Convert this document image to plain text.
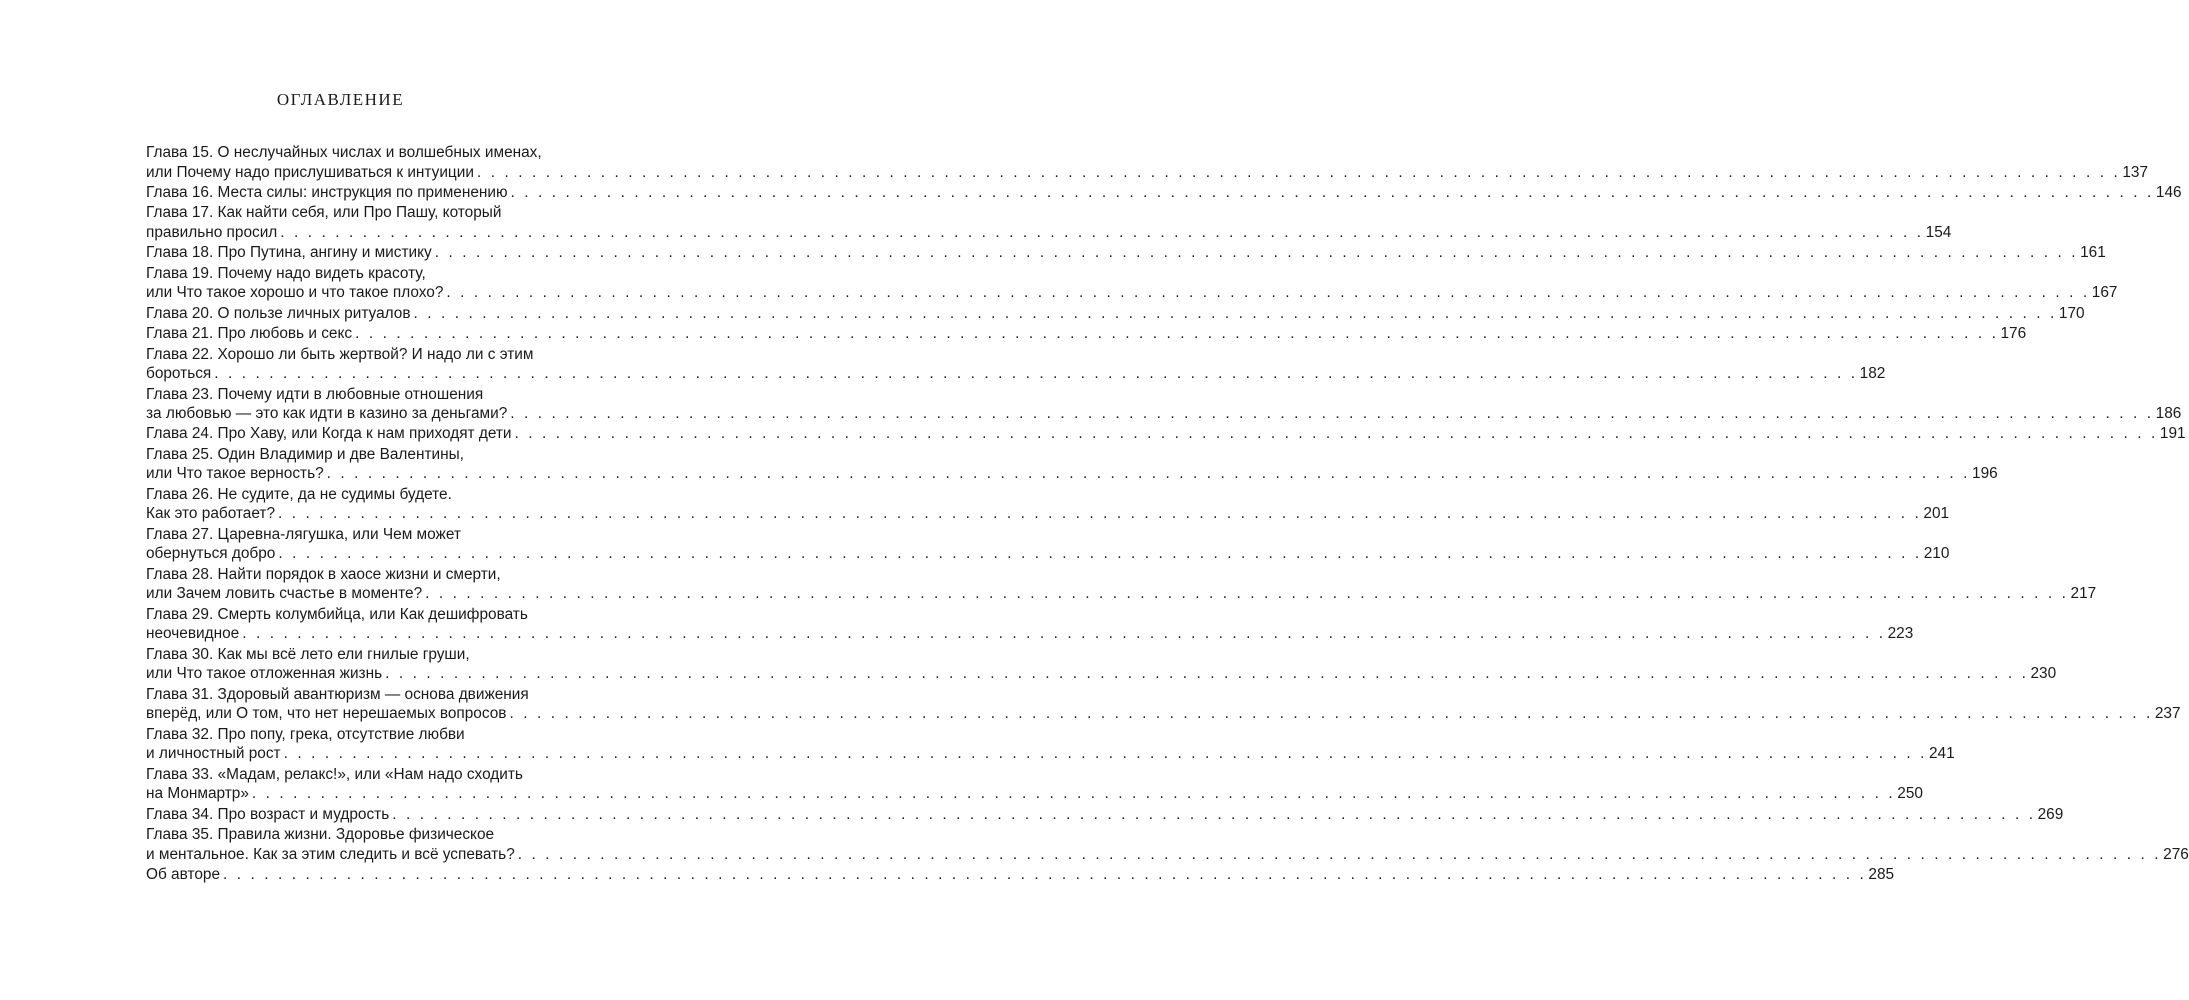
ОГЛАВЛЕНИЕ
Глава 15. О неслучайных числах и волшебных именах,
или Почему надо прислушиваться к интуиции . . . . . . . . . . . . . . . . . . . . . . . . . . . . . . . . . . . . . . . . . . . . . . . . . . . . . . . . . . . . . . . . . . . . . . . . . . . . . . . . . . . . . . . . . . . . . . . . . . . . . . . . . . . . . . . . . . . . . . . . 137
Глава 16. Места силы: инструкция по применению . . . . . . . . . . . . . . . . . . . . . . . . . . . . . . . . . . . . . . . . . . . . . . . . . . . . . . . . . . . . . . . . . . . . . . . . . . . . . . . . . . . . . . . . . . . . . . . . . . . . . . . . . . . . . . . . . . . . . . . . 146
Глава 17. Как найти себя, или Про Пашу, который
правильно просил . . . . . . . . . . . . . . . . . . . . . . . . . . . . . . . . . . . . . . . . . . . . . . . . . . . . . . . . . . . . . . . . . . . . . . . . . . . . . . . . . . . . . . . . . . . . . . . . . . . . . . . . . . . . . . . . . . . . . . . . 154
Глава 18. Про Путина, ангину и мистику . . . . . . . . . . . . . . . . . . . . . . . . . . . . . . . . . . . . . . . . . . . . . . . . . . . . . . . . . . . . . . . . . . . . . . . . . . . . . . . . . . . . . . . . . . . . . . . . . . . . . . . . . . . . . . . . . . . . . . . . 161
Глава 19. Почему надо видеть красоту,
или Что такое хорошо и что такое плохо? . . . . . . . . . . . . . . . . . . . . . . . . . . . . . . . . . . . . . . . . . . . . . . . . . . . . . . . . . . . . . . . . . . . . . . . . . . . . . . . . . . . . . . . . . . . . . . . . . . . . . . . . . . . . . . . . . . . . . . . . 167
Глава 20. О пользе личных ритуалов . . . . . . . . . . . . . . . . . . . . . . . . . . . . . . . . . . . . . . . . . . . . . . . . . . . . . . . . . . . . . . . . . . . . . . . . . . . . . . . . . . . . . . . . . . . . . . . . . . . . . . . . . . . . . . . . . . . . . . . . 170
Глава 21. Про любовь и секс . . . . . . . . . . . . . . . . . . . . . . . . . . . . . . . . . . . . . . . . . . . . . . . . . . . . . . . . . . . . . . . . . . . . . . . . . . . . . . . . . . . . . . . . . . . . . . . . . . . . . . . . . . . . . . . . . . . . . . . . 176
Глава 22. Хорошо ли быть жертвой? И надо ли с этим
бороться . . . . . . . . . . . . . . . . . . . . . . . . . . . . . . . . . . . . . . . . . . . . . . . . . . . . . . . . . . . . . . . . . . . . . . . . . . . . . . . . . . . . . . . . . . . . . . . . . . . . . . . . . . . . . . . . . . . . . . . . 182
Глава 23. Почему идти в любовные отношения
за любовью — это как идти в казино за деньгами? . . . . . . . . . . . . . . . . . . . . . . . . . . . . . . . . . . . . . . . . . . . . . . . . . . . . . . . . . . . . . . . . . . . . . . . . . . . . . . . . . . . . . . . . . . . . . . . . . . . . . . . . . . . . . . . . . . . . . . . . 186
Глава 24. Про Хаву, или Когда к нам приходят дети . . . . . . . . . . . . . . . . . . . . . . . . . . . . . . . . . . . . . . . . . . . . . . . . . . . . . . . . . . . . . . . . . . . . . . . . . . . . . . . . . . . . . . . . . . . . . . . . . . . . . . . . . . . . . . . . . . . . . . . . 191
Глава 25. Один Владимир и две Валентины,
или Что такое верность? . . . . . . . . . . . . . . . . . . . . . . . . . . . . . . . . . . . . . . . . . . . . . . . . . . . . . . . . . . . . . . . . . . . . . . . . . . . . . . . . . . . . . . . . . . . . . . . . . . . . . . . . . . . . . . . . . . . . . . . . 196
Глава 26. Не судите, да не судимы будете.
Как это работает? . . . . . . . . . . . . . . . . . . . . . . . . . . . . . . . . . . . . . . . . . . . . . . . . . . . . . . . . . . . . . . . . . . . . . . . . . . . . . . . . . . . . . . . . . . . . . . . . . . . . . . . . . . . . . . . . . . . . . . . . 201
Глава 27. Царевна-лягушка, или Чем может
обернуться добро . . . . . . . . . . . . . . . . . . . . . . . . . . . . . . . . . . . . . . . . . . . . . . . . . . . . . . . . . . . . . . . . . . . . . . . . . . . . . . . . . . . . . . . . . . . . . . . . . . . . . . . . . . . . . . . . . . . . . . . . 210
Глава 28. Найти порядок в хаосе жизни и смерти,
или Зачем ловить счастье в моменте? . . . . . . . . . . . . . . . . . . . . . . . . . . . . . . . . . . . . . . . . . . . . . . . . . . . . . . . . . . . . . . . . . . . . . . . . . . . . . . . . . . . . . . . . . . . . . . . . . . . . . . . . . . . . . . . . . . . . . . . . 217
Глава 29. Смерть колумбийца, или Как дешифровать
неочевидное . . . . . . . . . . . . . . . . . . . . . . . . . . . . . . . . . . . . . . . . . . . . . . . . . . . . . . . . . . . . . . . . . . . . . . . . . . . . . . . . . . . . . . . . . . . . . . . . . . . . . . . . . . . . . . . . . . . . . . . . 223
Глава 30. Как мы всё лето ели гнилые груши,
или Что такое отложенная жизнь . . . . . . . . . . . . . . . . . . . . . . . . . . . . . . . . . . . . . . . . . . . . . . . . . . . . . . . . . . . . . . . . . . . . . . . . . . . . . . . . . . . . . . . . . . . . . . . . . . . . . . . . . . . . . . . . . . . . . . . . 230
Глава 31. Здоровый авантюризм — основа движения
вперёд, или О том, что нет нерешаемых вопросов . . . . . . . . . . . . . . . . . . . . . . . . . . . . . . . . . . . . . . . . . . . . . . . . . . . . . . . . . . . . . . . . . . . . . . . . . . . . . . . . . . . . . . . . . . . . . . . . . . . . . . . . . . . . . . . . . . . . . . . . 237
Глава 32. Про попу, грека, отсутствие любви
и личностный рост . . . . . . . . . . . . . . . . . . . . . . . . . . . . . . . . . . . . . . . . . . . . . . . . . . . . . . . . . . . . . . . . . . . . . . . . . . . . . . . . . . . . . . . . . . . . . . . . . . . . . . . . . . . . . . . . . . . . . . . . 241
Глава 33. «Мадам, релакс!», или «Нам надо сходить
на Монмартр» . . . . . . . . . . . . . . . . . . . . . . . . . . . . . . . . . . . . . . . . . . . . . . . . . . . . . . . . . . . . . . . . . . . . . . . . . . . . . . . . . . . . . . . . . . . . . . . . . . . . . . . . . . . . . . . . . . . . . . . . 250
Глава 34. Про возраст и мудрость . . . . . . . . . . . . . . . . . . . . . . . . . . . . . . . . . . . . . . . . . . . . . . . . . . . . . . . . . . . . . . . . . . . . . . . . . . . . . . . . . . . . . . . . . . . . . . . . . . . . . . . . . . . . . . . . . . . . . . . . 269
Глава 35. Правила жизни. Здоровье физическое
и ментальное. Как за этим следить и всё успевать? . . . . . . . . . . . . . . . . . . . . . . . . . . . . . . . . . . . . . . . . . . . . . . . . . . . . . . . . . . . . . . . . . . . . . . . . . . . . . . . . . . . . . . . . . . . . . . . . . . . . . . . . . . . . . . . . . . . . . . . . 276
Об авторе . . . . . . . . . . . . . . . . . . . . . . . . . . . . . . . . . . . . . . . . . . . . . . . . . . . . . . . . . . . . . . . . . . . . . . . . . . . . . . . . . . . . . . . . . . . . . . . . . . . . . . . . . . . . . . . . . . . . . . . . 285
